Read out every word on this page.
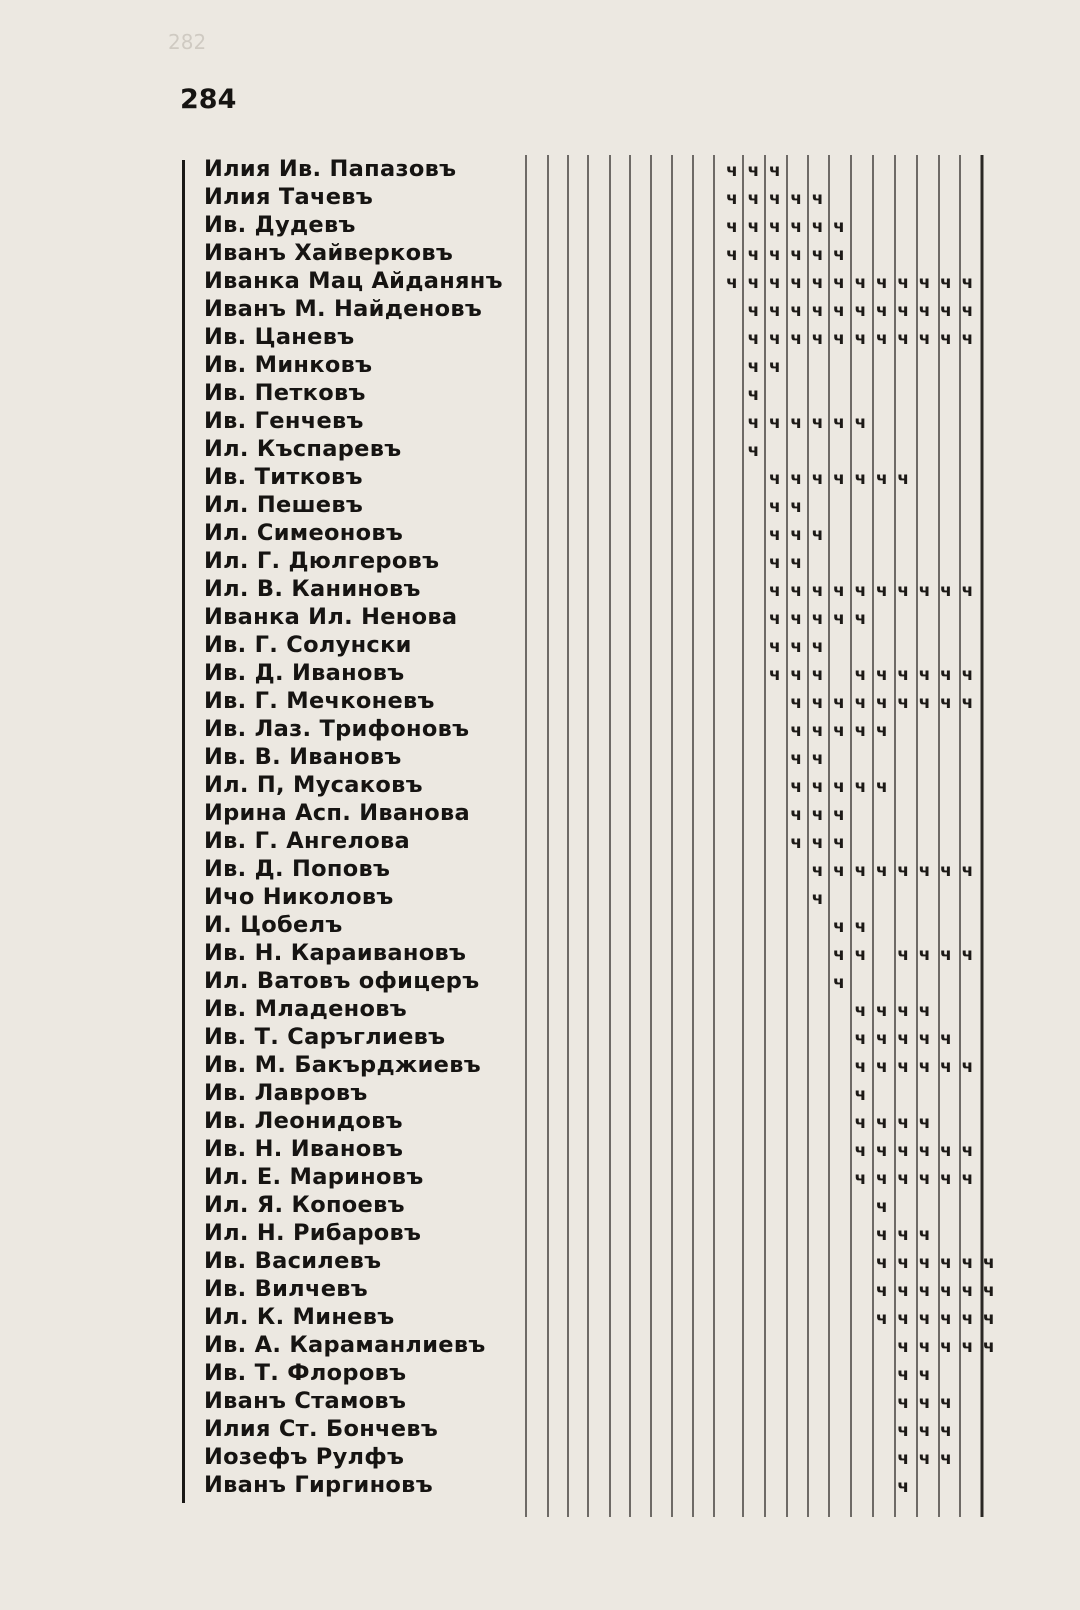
282
284
Илия Ив. Папазовъ
Илия Тачевъ
Ив. Дудевъ
Иванъ Хайверковъ
Иванка Мац Айданянъ
Иванъ М. Найденовъ
Ив. Цаневъ
Ив. Минковъ
Ив. Петковъ
Ив. Генчевъ
Ил. Къспаревъ
Ив. Титковъ
Ил. Пешевъ
Ил. Симеоновъ
Ил. Г. Дюлгеровъ
Ил. В. Каниновъ
Иванка Ил. Ненова
Ив. Г. Солунски
Ив. Д. Ивановъ
Ив. Г. Мечконевъ
Ив. Лаз. Трифоновъ
Ив. В. Ивановъ
Ил. П, Мусаковъ
Ирина Асп. Иванова
Ив. Г. Ангелова
Ив. Д. Поповъ
Ичо Николовъ
И. Цобелъ
Ив. Н. Караивановъ
Ил. Ватовъ офицеръ
Ив. Младеновъ
Ив. Т. Саръглиевъ
Ив. М. Бакърджиевъ
Ив. Лавровъ
Ив. Леонидовъ
Ив. Н. Ивановъ
Ил. Е. Мариновъ
Ил. Я. Копоевъ
Ил. Н. Рибаровъ
Ив. Василевъ
Ив. Вилчевъ
Ил. К. Миневъ
Ив. А. Караманлиевъ
Ив. Т. Флоровъ
Иванъ Стамовъ
Илия Ст. Бончевъ
Иозефъ Рулфъ
Иванъ Гиргиновъ
ч ч ч
ч ч ч ч ч
ч ч ч ч ч ч
ч ч ч ч ч ч
ч ч ч ч ч ч ч ч ч ч ч ч
ч ч ч ч ч ч ч ч ч ч ч
ч ч ч ч ч ч ч ч ч ч ч
ч ч
ч
ч ч ч ч ч ч
ч
ч ч ч ч ч ч ч
ч ч
ч ч ч
ч ч
ч ч ч ч ч ч ч ч ч ч
ч ч ч ч ч
ч ч ч
ч ч ч ч ч ч ч ч ч
ч ч ч ч ч ч ч ч ч
ч ч ч ч ч
ч ч
ч ч ч ч ч
ч ч ч
ч ч ч
ч ч ч ч ч ч ч ч
ч
ч ч
ч ч ч ч ч ч
ч
ч ч ч ч
ч ч ч ч ч
ч ч ч ч ч ч
ч
ч ч ч ч
ч ч ч ч ч ч
ч ч ч ч ч ч
ч
ч ч ч
ч ч ч ч ч ч
ч ч ч ч ч ч
ч ч ч ч ч ч
ч ч ч ч ч
ч ч
ч ч ч
ч ч ч
ч ч ч
ч
